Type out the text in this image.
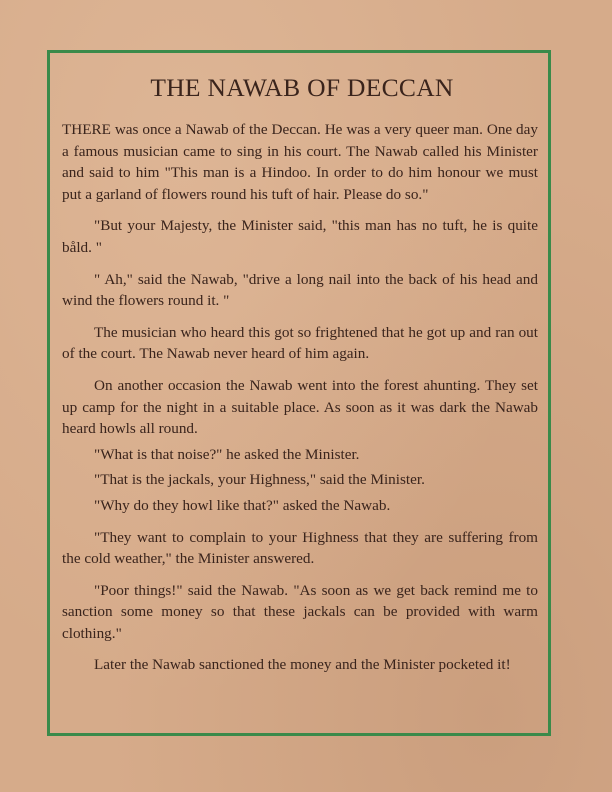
THE NAWAB OF DECCAN

THERE was once a Nawab of the Deccan. He was a very queer man. One day a famous musician came to sing in his court. The Nawab called his Minister and said to him "This man is a Hindoo. In order to do him honour we must put a garland of flowers round his tuft of hair. Please do so."

"But your Majesty, the Minister said, "this man has no tuft, he is quite båld. "

" Ah," said the Nawab, "drive a long nail into the back of his head and wind the flowers round it. "

The musician who heard this got so frightened that he got up and ran out of the court. The Nawab never heard of him again.

On another occasion the Nawab went into the forest ahunting. They set up camp for the night in a suitable place. As soon as it was dark the Nawab heard howls all round.

"What is that noise?" he asked the Minister.

"That is the jackals, your Highness," said the Minister.

"Why do they howl like that?" asked the Nawab.

"They want to complain to your Highness that they are suffering from the cold weather," the Minister answered.

"Poor things!" said the Nawab. "As soon as we get back remind me to sanction some money so that these jackals can be provided with warm clothing."

Later the Nawab sanctioned the money and the Minister pocketed it!
